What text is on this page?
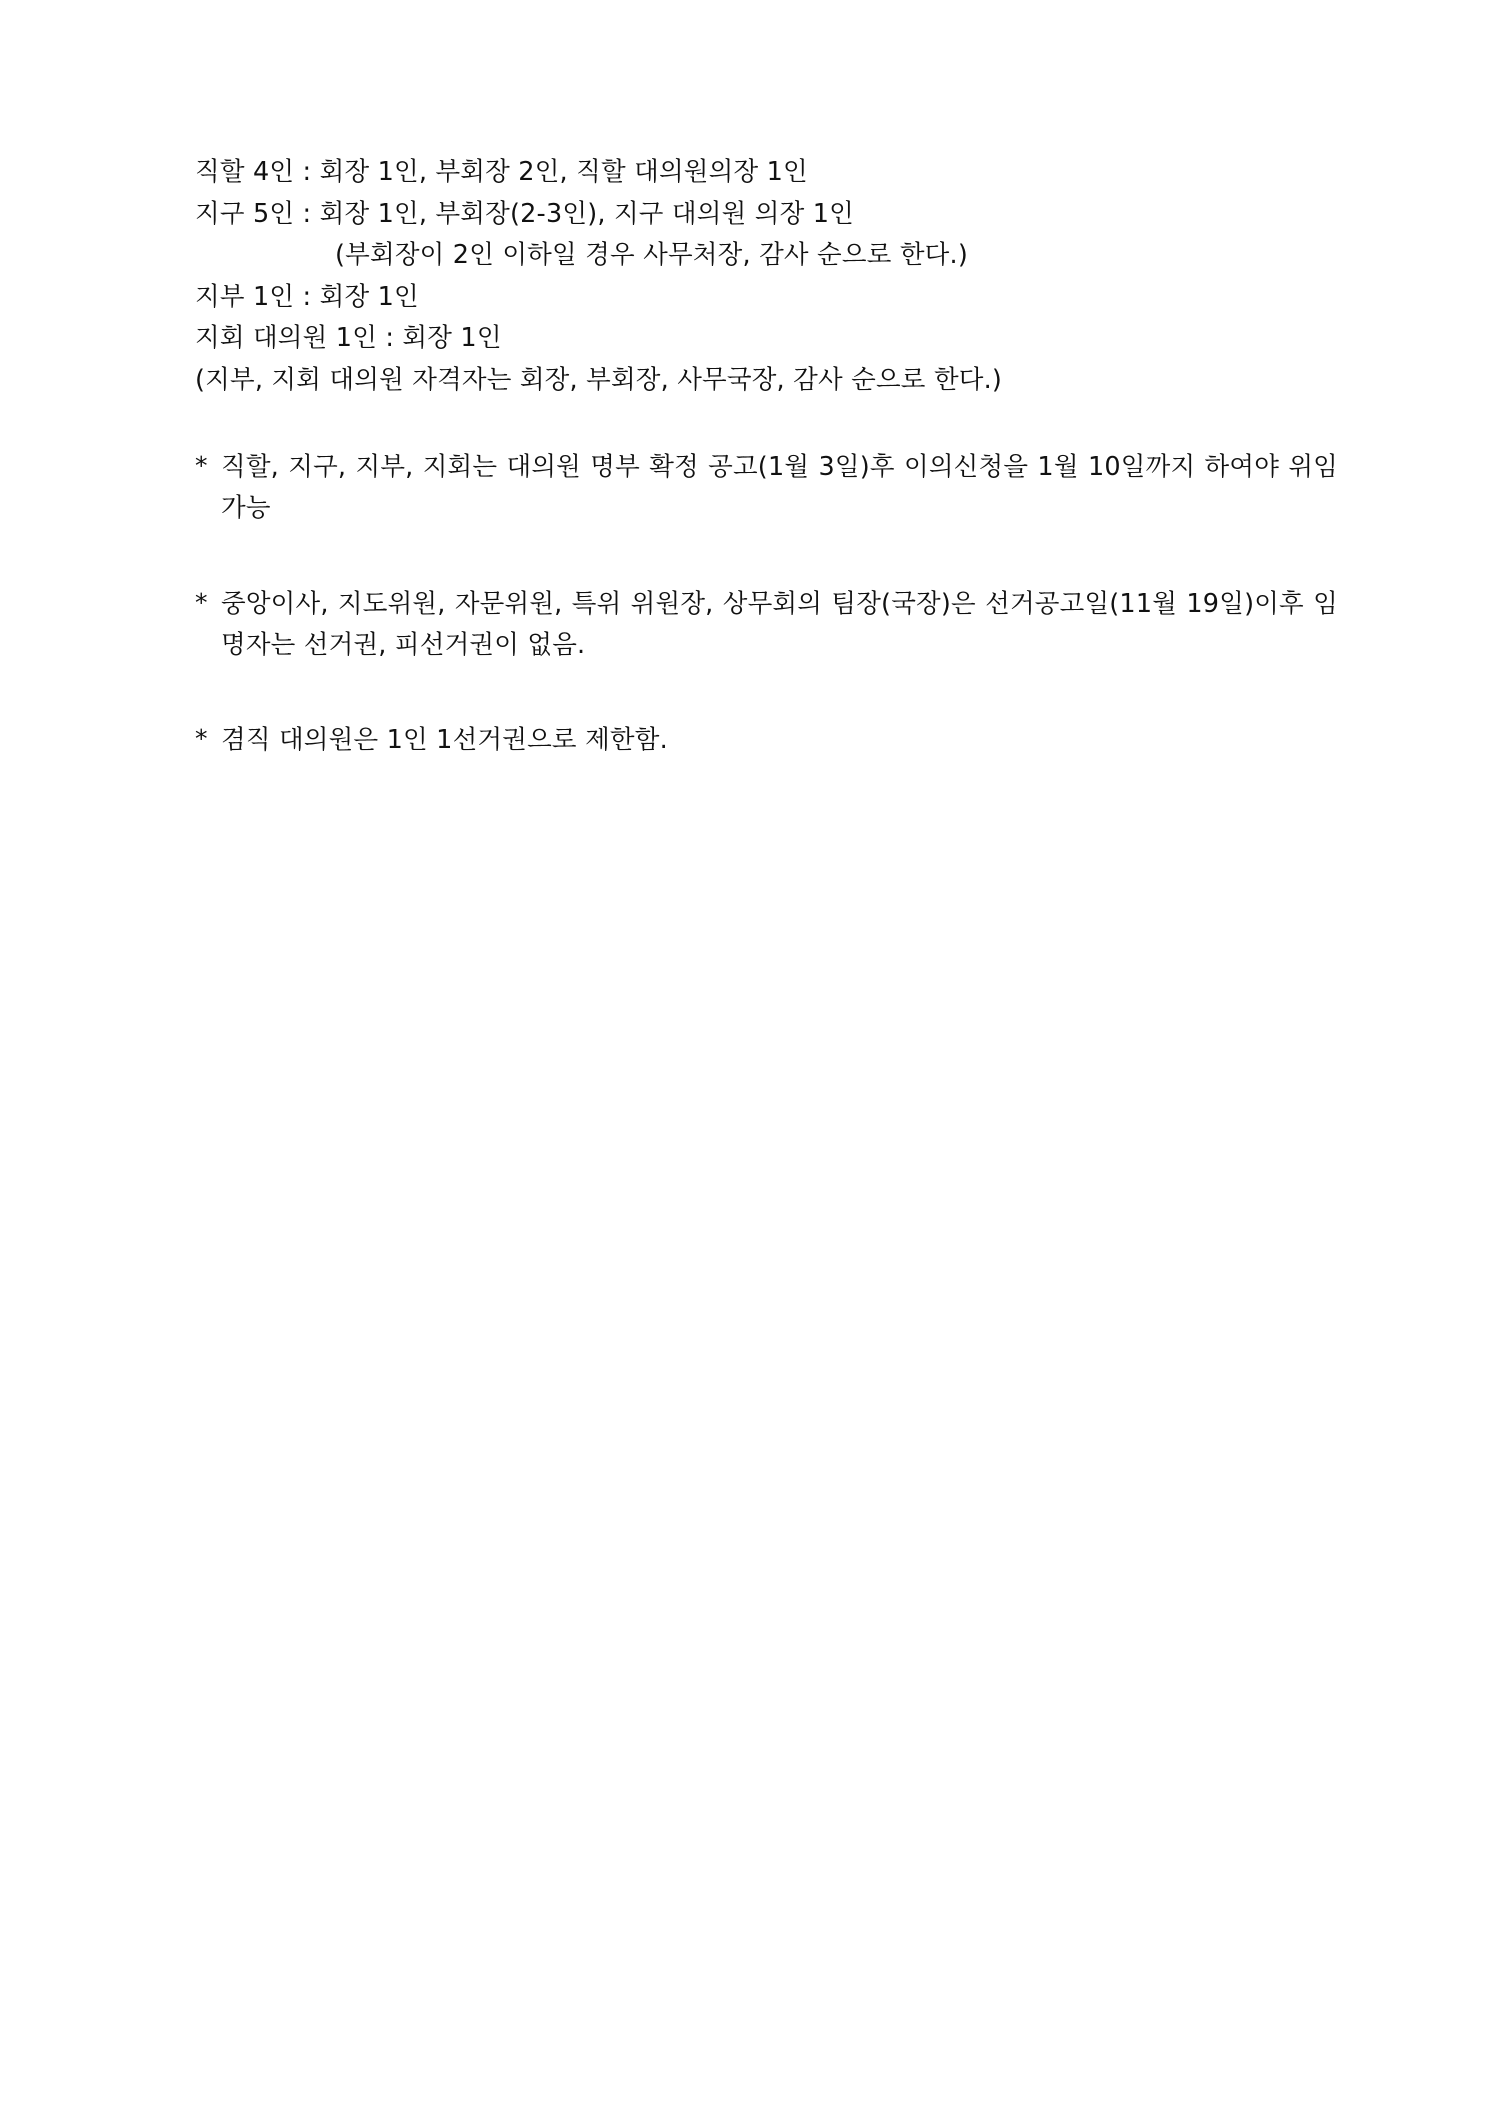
직할 4인 : 회장 1인, 부회장 2인, 직할 대의원의장 1인

지구 5인 : 회장 1인, 부회장(2-3인), 지구 대의원 의장 1인

(부회장이 2인 이하일 경우 사무처장, 감사 순으로 한다.)

지부 1인 : 회장 1인

지회 대의원 1인 : 회장 1인

(지부, 지회 대의원 자격자는 회장, 부회장, 사무국장, 감사 순으로 한다.)

* 직할, 지구, 지부, 지회는 대의원 명부 확정 공고(1월 3일)후 이의신청을 1월 10일까지 하여야 위임 가능
* 중앙이사, 지도위원, 자문위원, 특위 위원장, 상무회의 팀장(국장)은 선거공고일(11월 19일)이후 임명자는 선거권, 피선거권이 없음.
* 겸직 대의원은 1인 1선거권으로 제한함.
